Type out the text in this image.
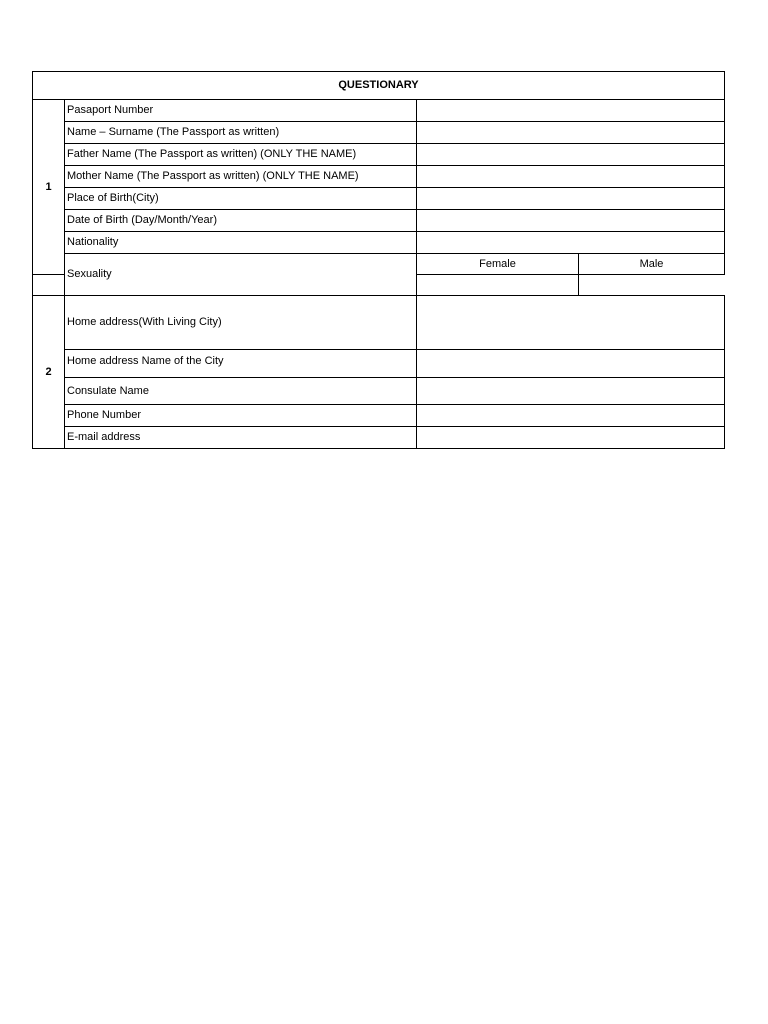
QUESTIONARY			
1	Pasaport Number		
	Name – Surname (The Passport as written)		
	Father Name (The Passport as written) (ONLY THE NAME)		
	Mother Name (The Passport as written) (ONLY THE NAME)		
	Place of Birth(City)		
	Date of Birth (Day/Month/Year)		
	Nationality		
	Sexuality	Female	Male

2	Home address(With Living City)		
	Home address Name of the City		
	Consulate Name		
	Phone Number		
	E-mail address		
